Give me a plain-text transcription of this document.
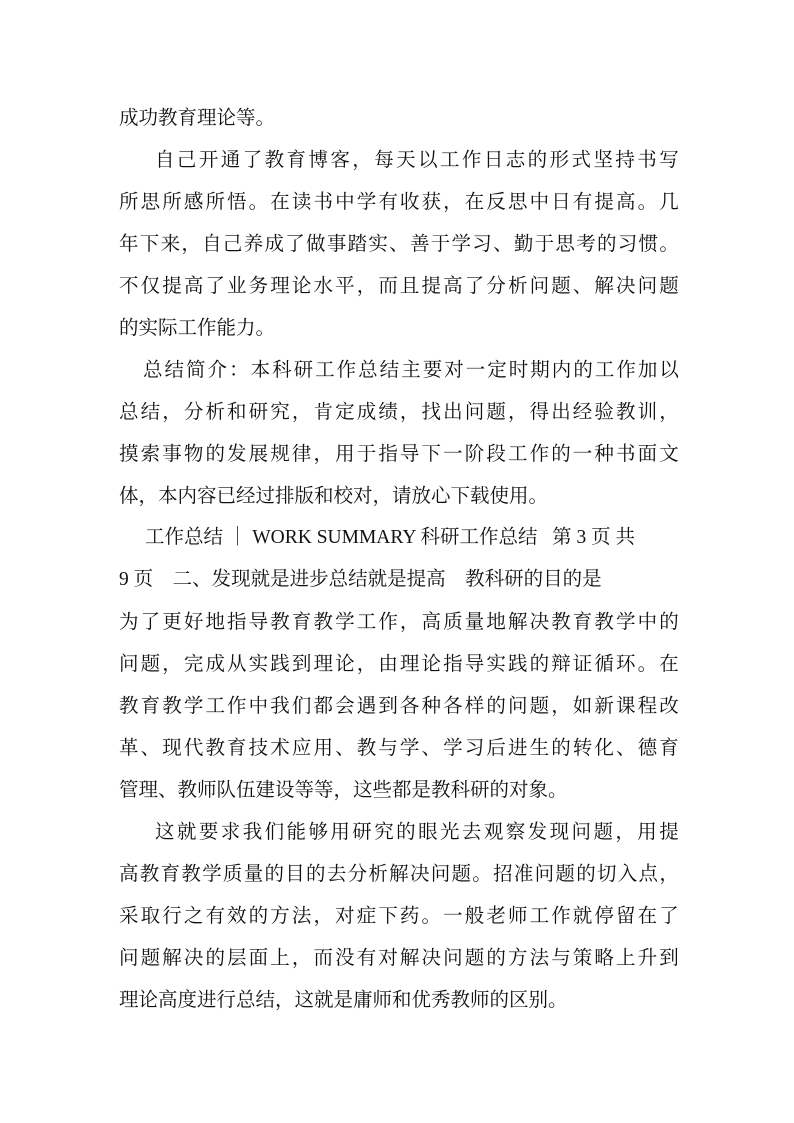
成功教育理论等。
自 己 开 通 了 教 育 博 客 ， 每 天 以 工 作 日 志 的 形 式 坚 持 书 写
所 思 所 感 所 悟 。 在 读 书 中 学 有 收 获 ， 在 反 思 中 日 有 提 高 。 几
年 下 来 ， 自 己 养 成 了 做 事 踏 实 、 善 于 学 习 、 勤 于 思 考 的 习 惯 。
不 仅 提 高 了 业 务 理 论 水 平 ， 而 且 提 高 了 分 析 问 题 、 解 决 问 题
的实际工作能力。
总 结 简 介 ： 本 科 研 工 作 总 结 主 要 对 一 定 时 期 内 的 工 作 加 以
总 结 ， 分 析 和 研 究 ， 肯 定 成 绩 ， 找 出 问 题 ， 得 出 经 验 教 训 ，
摸 索 事 物 的 发 展 规 律 ， 用 于 指 导 下 一 阶 段 工 作 的 一 种 书 面 文
体，本内容已经过排版和校对，请放心下载使用。
工作总结 ｜ WORK SUMMARY 科研工作总结   第 3 页 共
9 页    二、发现就是进步总结就是提高    教科研的目的是
为 了 更 好 地 指 导 教 育 教 学 工 作 ， 高 质 量 地 解 决 教 育 教 学 中 的
问 题 ， 完 成 从 实 践 到 理 论 ， 由 理 论 指 导 实 践 的 辩 证 循 环 。 在
教 育 教 学 工 作 中 我 们 都 会 遇 到 各 种 各 样 的 问 题 ， 如 新 课 程 改
革 、 现 代 教 育 技 术 应 用 、 教 与 学 、 学 习 后 进 生 的 转 化 、 德 育
管理、教师队伍建设等等，这些都是教科研的对象。
这 就 要 求 我 们 能 够 用 研 究 的 眼 光 去 观 察 发 现 问 题 ， 用 提
高 教 育 教 学 质 量 的 目 的 去 分 析 解 决 问 题 。 招 准 问 题 的 切 入 点 ，
采 取 行 之 有 效 的 方 法 ， 对 症 下 药 。 一 般 老 师 工 作 就 停 留 在 了
问 题 解 决 的 层 面 上 ， 而 没 有 对 解 决 问 题 的 方 法 与 策 略 上 升 到
理论高度进行总结，这就是庸师和优秀教师的区别。
